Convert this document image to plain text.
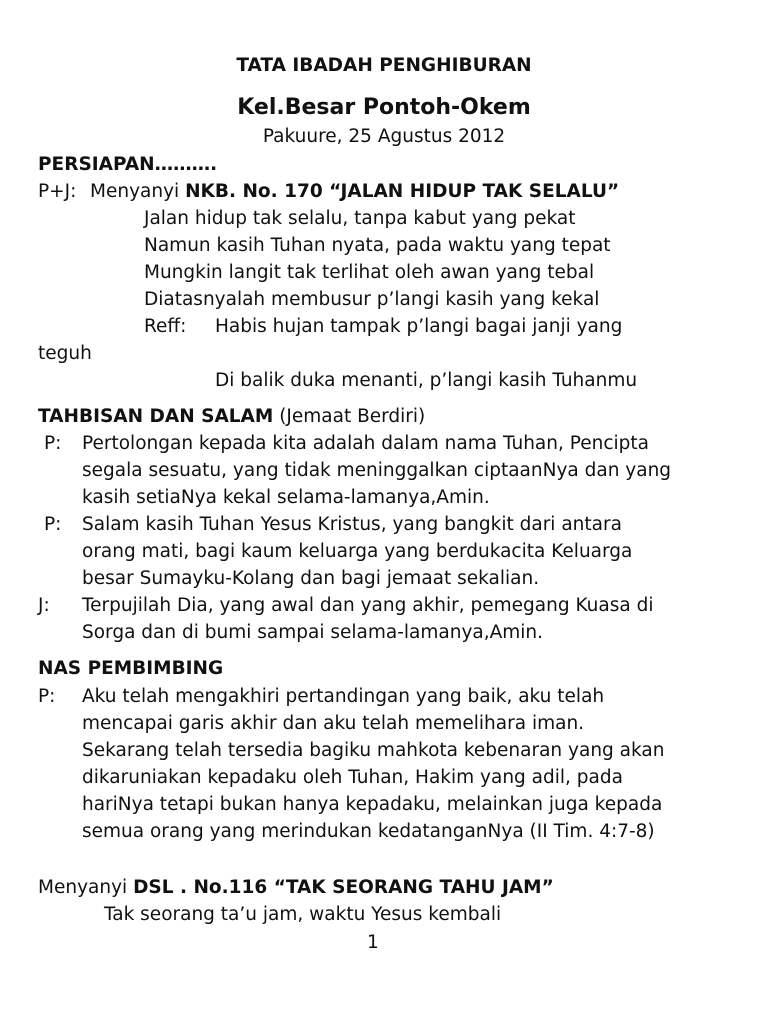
TATA IBADAH PENGHIBURAN
Kel.Besar Pontoh-Okem
Pakuure, 25 Agustus 2012
PERSIAPAN……….
P+J: Menyanyi NKB. No. 170 “JALAN HIDUP TAK SELALU”
Jalan hidup tak selalu, tanpa kabut yang pekat
Namun kasih Tuhan nyata, pada waktu yang tepat
Mungkin langit tak terlihat oleh awan yang tebal
Diatasnyalah membusur p’langi kasih yang kekal
Reff: Habis hujan tampak p’langi bagai janji yang
teguh
Di balik duka menanti, p’langi kasih Tuhanmu
TAHBISAN DAN SALAM (Jemaat Berdiri)
P: Pertolongan kepada kita adalah dalam nama Tuhan, Pencipta
segala sesuatu, yang tidak meninggalkan ciptaanNya dan yang
kasih setiaNya kekal selama-lamanya,Amin.
P: Salam kasih Tuhan Yesus Kristus, yang bangkit dari antara
orang mati, bagi kaum keluarga yang berdukacita Keluarga
besar Sumayku-Kolang dan bagi jemaat sekalian.
J: Terpujilah Dia, yang awal dan yang akhir, pemegang Kuasa di
Sorga dan di bumi sampai selama-lamanya,Amin.
NAS PEMBIMBING
P: Aku telah mengakhiri pertandingan yang baik, aku telah
mencapai garis akhir dan aku telah memelihara iman.
Sekarang telah tersedia bagiku mahkota kebenaran yang akan
dikaruniakan kepadaku oleh Tuhan, Hakim yang adil, pada
hariNya tetapi bukan hanya kepadaku, melainkan juga kepada
semua orang yang merindukan kedatanganNya (II Tim. 4:7-8)
Menyanyi DSL . No.116 “TAK SEORANG TAHU JAM”
Tak seorang ta’u jam, waktu Yesus kembali
1
